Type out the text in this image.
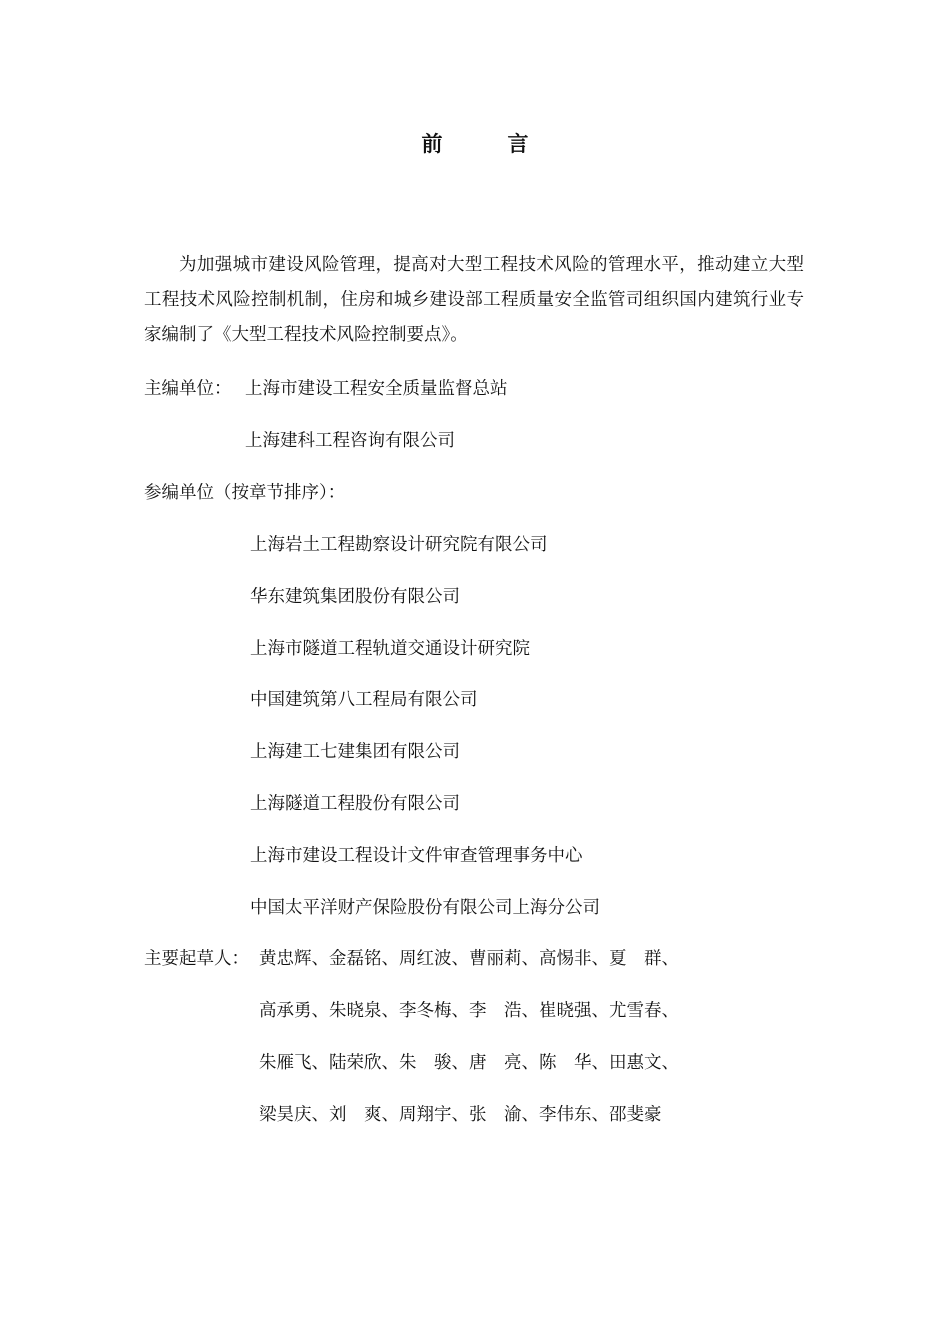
前　言
为加强城市建设风险管理，提高对大型工程技术风险的管理水平，推动建立大型工程技术风险控制机制，住房和城乡建设部工程质量安全监管司组织国内建筑行业专家编制了《大型工程技术风险控制要点》。
主编单位： 上海市建设工程安全质量监督总站
上海建科工程咨询有限公司
参编单位（按章节排序）：
上海岩土工程勘察设计研究院有限公司
华东建筑集团股份有限公司
上海市隧道工程轨道交通设计研究院
中国建筑第八工程局有限公司
上海建工七建集团有限公司
上海隧道工程股份有限公司
上海市建设工程设计文件审查管理事务中心
中国太平洋财产保险股份有限公司上海分公司
主要起草人： 黄忠辉、金磊铭、周红波、曹丽莉、高惕非、夏　群、
高承勇、朱晓泉、李冬梅、李　浩、崔晓强、尤雪春、
朱雁飞、陆荣欣、朱　骏、唐　亮、陈　华、田惠文、
梁昊庆、刘　爽、周翔宇、张　渝、李伟东、邵斐豪
